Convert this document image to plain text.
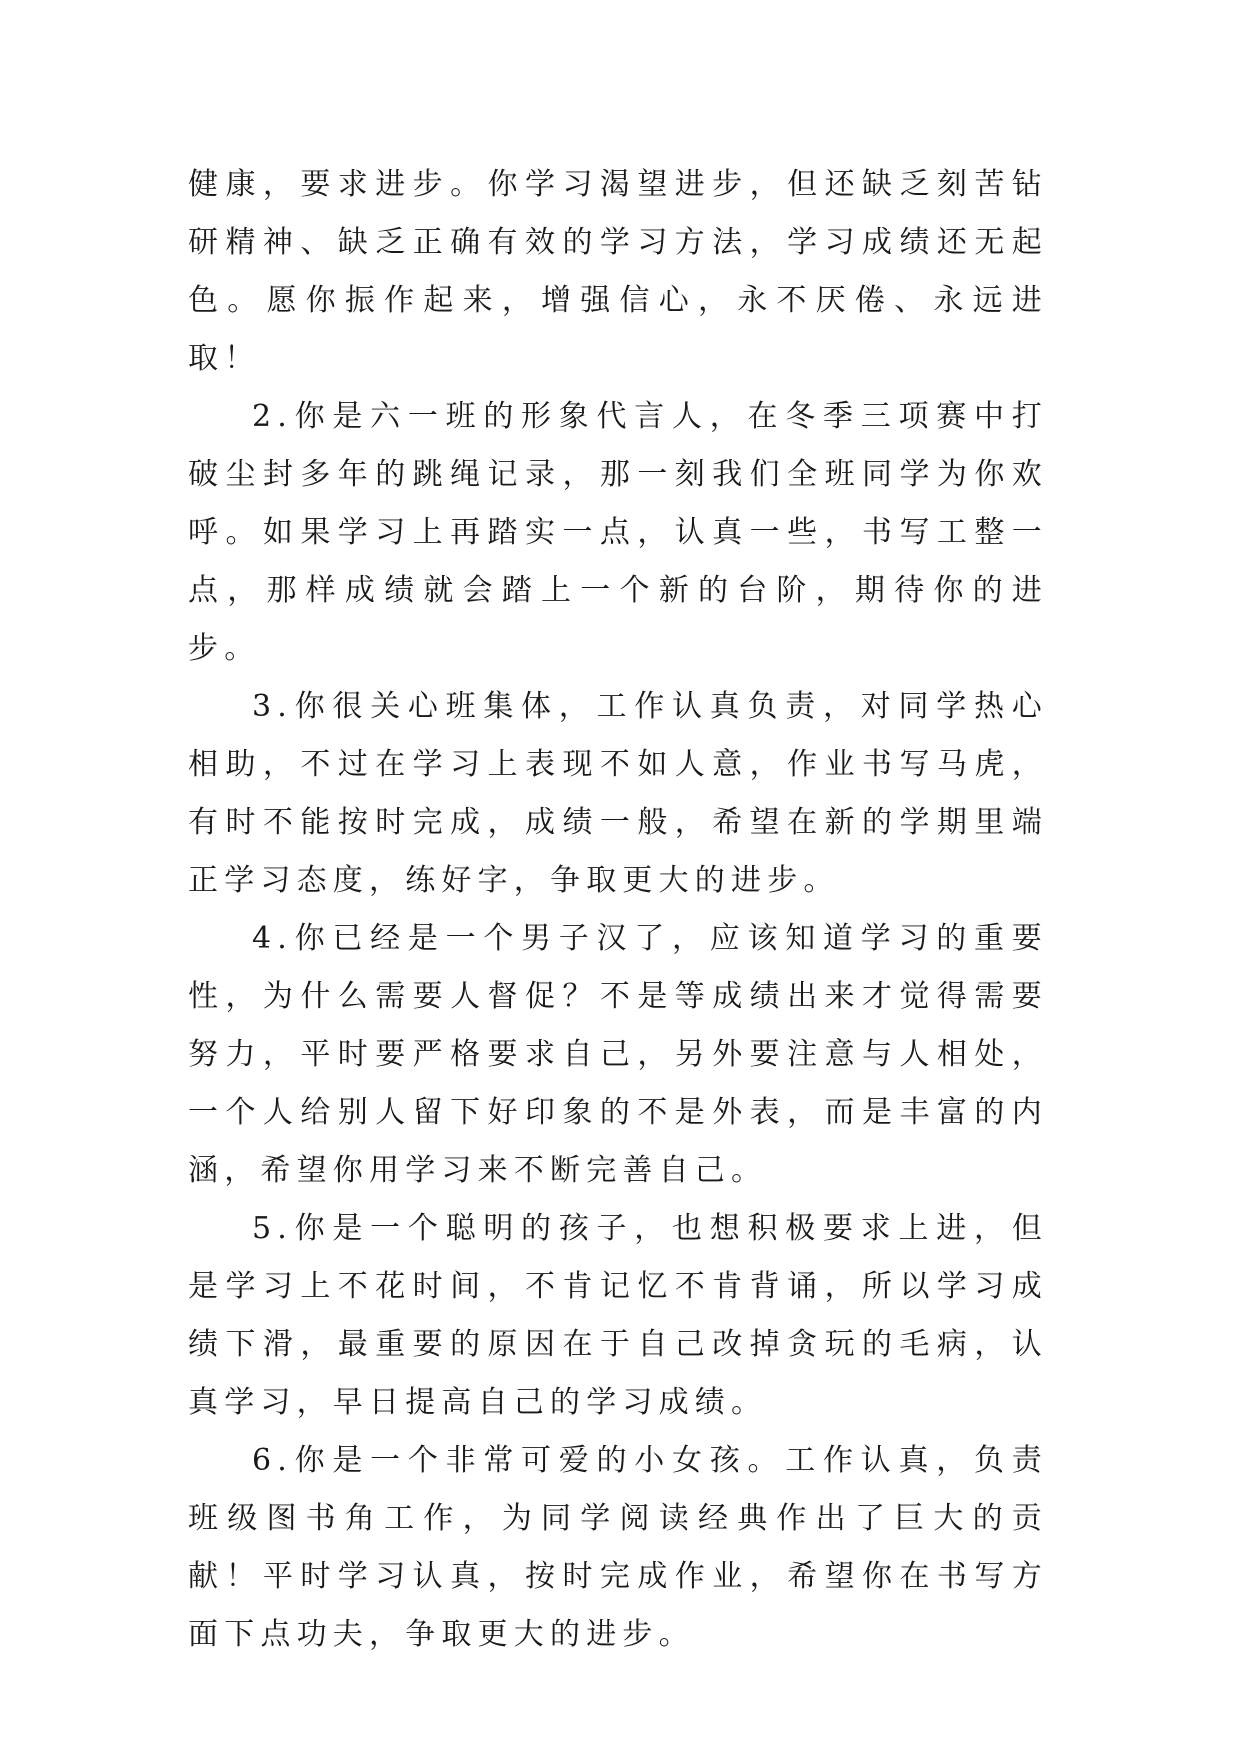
健康，要求进步。你学习渴望进步，但还缺乏刻苦钻研精神、缺乏正确有效的学习方法，学习成绩还无起色。愿你振作起来，增强信心，永不厌倦、永远进取！

2.你是六一班的形象代言人，在冬季三项赛中打破尘封多年的跳绳记录，那一刻我们全班同学为你欢呼。如果学习上再踏实一点，认真一些，书写工整一点，那样成绩就会踏上一个新的台阶，期待你的进步。

3.你很关心班集体，工作认真负责，对同学热心相助，不过在学习上表现不如人意，作业书写马虎，有时不能按时完成，成绩一般，希望在新的学期里端正学习态度，练好字，争取更大的进步。

4.你已经是一个男子汉了，应该知道学习的重要性，为什么需要人督促？不是等成绩出来才觉得需要努力，平时要严格要求自己，另外要注意与人相处，一个人给别人留下好印象的不是外表，而是丰富的内涵，希望你用学习来不断完善自己。

5.你是一个聪明的孩子，也想积极要求上进，但是学习上不花时间，不肯记忆不肯背诵，所以学习成绩下滑，最重要的原因在于自己改掉贪玩的毛病，认真学习，早日提高自己的学习成绩。

6.你是一个非常可爱的小女孩。工作认真，负责班级图书角工作，为同学阅读经典作出了巨大的贡献！平时学习认真，按时完成作业，希望你在书写方面下点功夫，争取更大的进步。
